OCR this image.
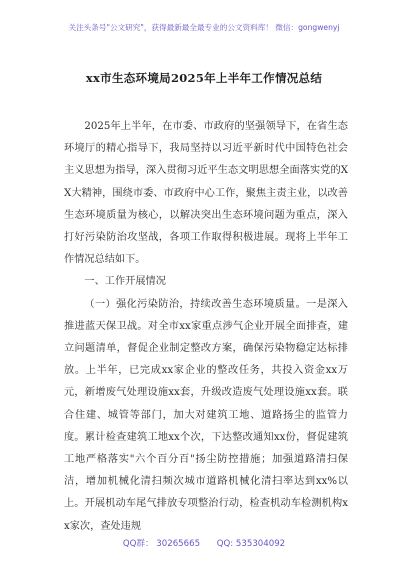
关注头条号"公文研究"，获得最新最全最专业的公文资料库！ 微信：gongwenyj
xx市生态环境局2025年上半年工作情况总结

2025年上半年，在市委、市政府的坚强领导下，在省生态环境厅的精心指导下，我局坚持以习近平新时代中国特色社会主义思想为指导，深入贯彻习近平生态文明思想全面落实党的XX大精神，围绕市委、市政府中心工作，聚焦主责主业，以改善生态环境质量为核心，以解决突出生态环境问题为重点，深入打好污染防治攻坚战，各项工作取得积极进展。现将上半年工作情况总结如下。

一、工作开展情况

（一）强化污染防治，持续改善生态环境质量。一是深入推进蓝天保卫战。对全市xx家重点涉气企业开展全面排查，建立问题清单，督促企业制定整改方案，确保污染物稳定达标排放。上半年，已完成xx家企业的整改任务，共投入资金xx万元，新增废气处理设施xx套，升级改造废气处理设施xx套。联合住建、城管等部门，加大对建筑工地、道路扬尘的监管力度。累计检查建筑工地xx个次，下达整改通知xx份，督促建筑工地严格落实"六个百分百"扬尘防控措施；加强道路清扫保洁，增加机械化清扫频次城市道路机械化清扫率达到xx%以上。开展机动车尾气排放专项整治行动，检查机动车检测机构xx家次，查处违规

QQ群： 30265665 QQ: 535304092
